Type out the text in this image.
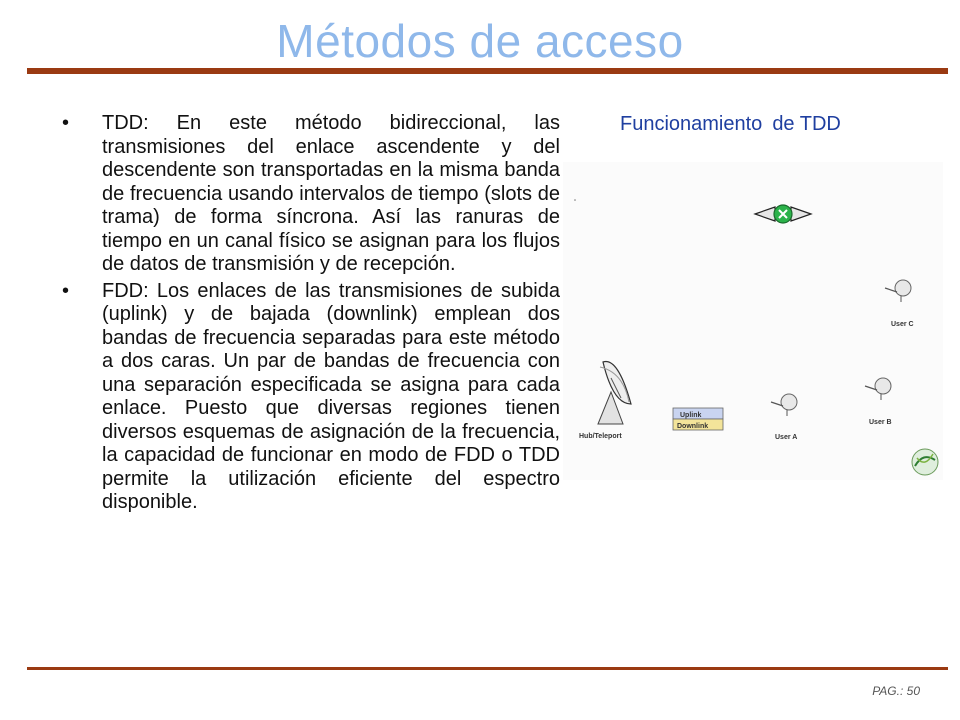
Métodos de acceso
• TDD: En este método bidireccional, las transmisiones del enlace ascendente y del descendente son transportadas en la misma banda de frecuencia usando intervalos de tiempo (slots de trama) de forma síncrona. Así las ranuras de tiempo en un canal físico se asignan para los flujos de datos de transmisión y de recepción.
• FDD: Los enlaces de las transmisiones de subida (uplink) y de bajada (downlink) emplean dos bandas de frecuencia separadas para este método a dos caras. Un par de bandas de frecuencia con una separación especificada se asigna para cada enlace. Puesto que diversas regiones tienen diversos esquemas de asignación de la frecuencia, la capacidad de funcionar en modo de FDD o TDD permite la utilización eficiente del espectro disponible.
Funcionamiento de TDD
Hub/Teleport
Uplink
Downlink
User A
User B
User C
PAG.: 50
